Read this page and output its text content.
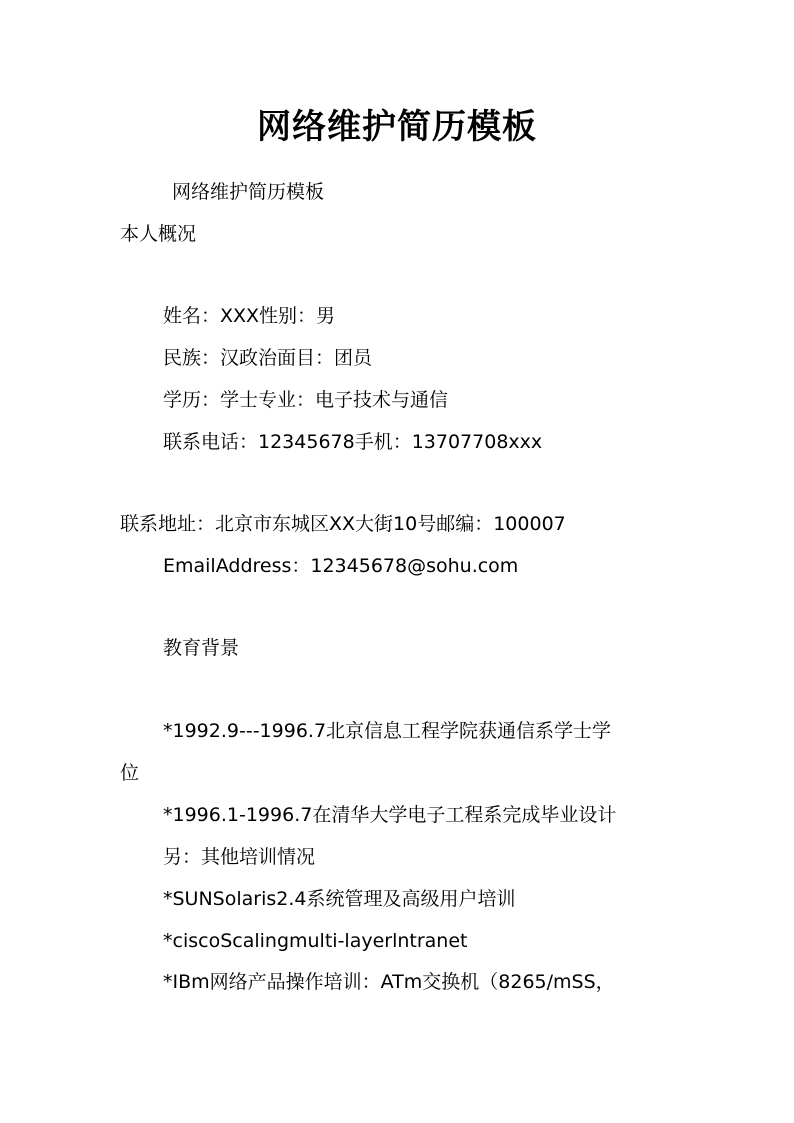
网络维护简历模板
网络维护简历模板
本人概况
姓名：XXX性别：男
民族：汉政治面目：团员
学历：学士专业：电子技术与通信
联系电话：12345678手机：13707708xxx
联系地址：北京市东城区XX大街10号邮编：100007
EmailAddress：12345678@sohu.com
教育背景
*1992.9---1996.7北京信息工程学院获通信系学士学
位
*1996.1-1996.7在清华大学电子工程系完成毕业设计
另：其他培训情况
*SUNSolaris2.4系统管理及高级用户培训
*ciscoScalingmulti-layerlntranet
*IBm网络产品操作培训：ATm交换机（8265/mSS，
